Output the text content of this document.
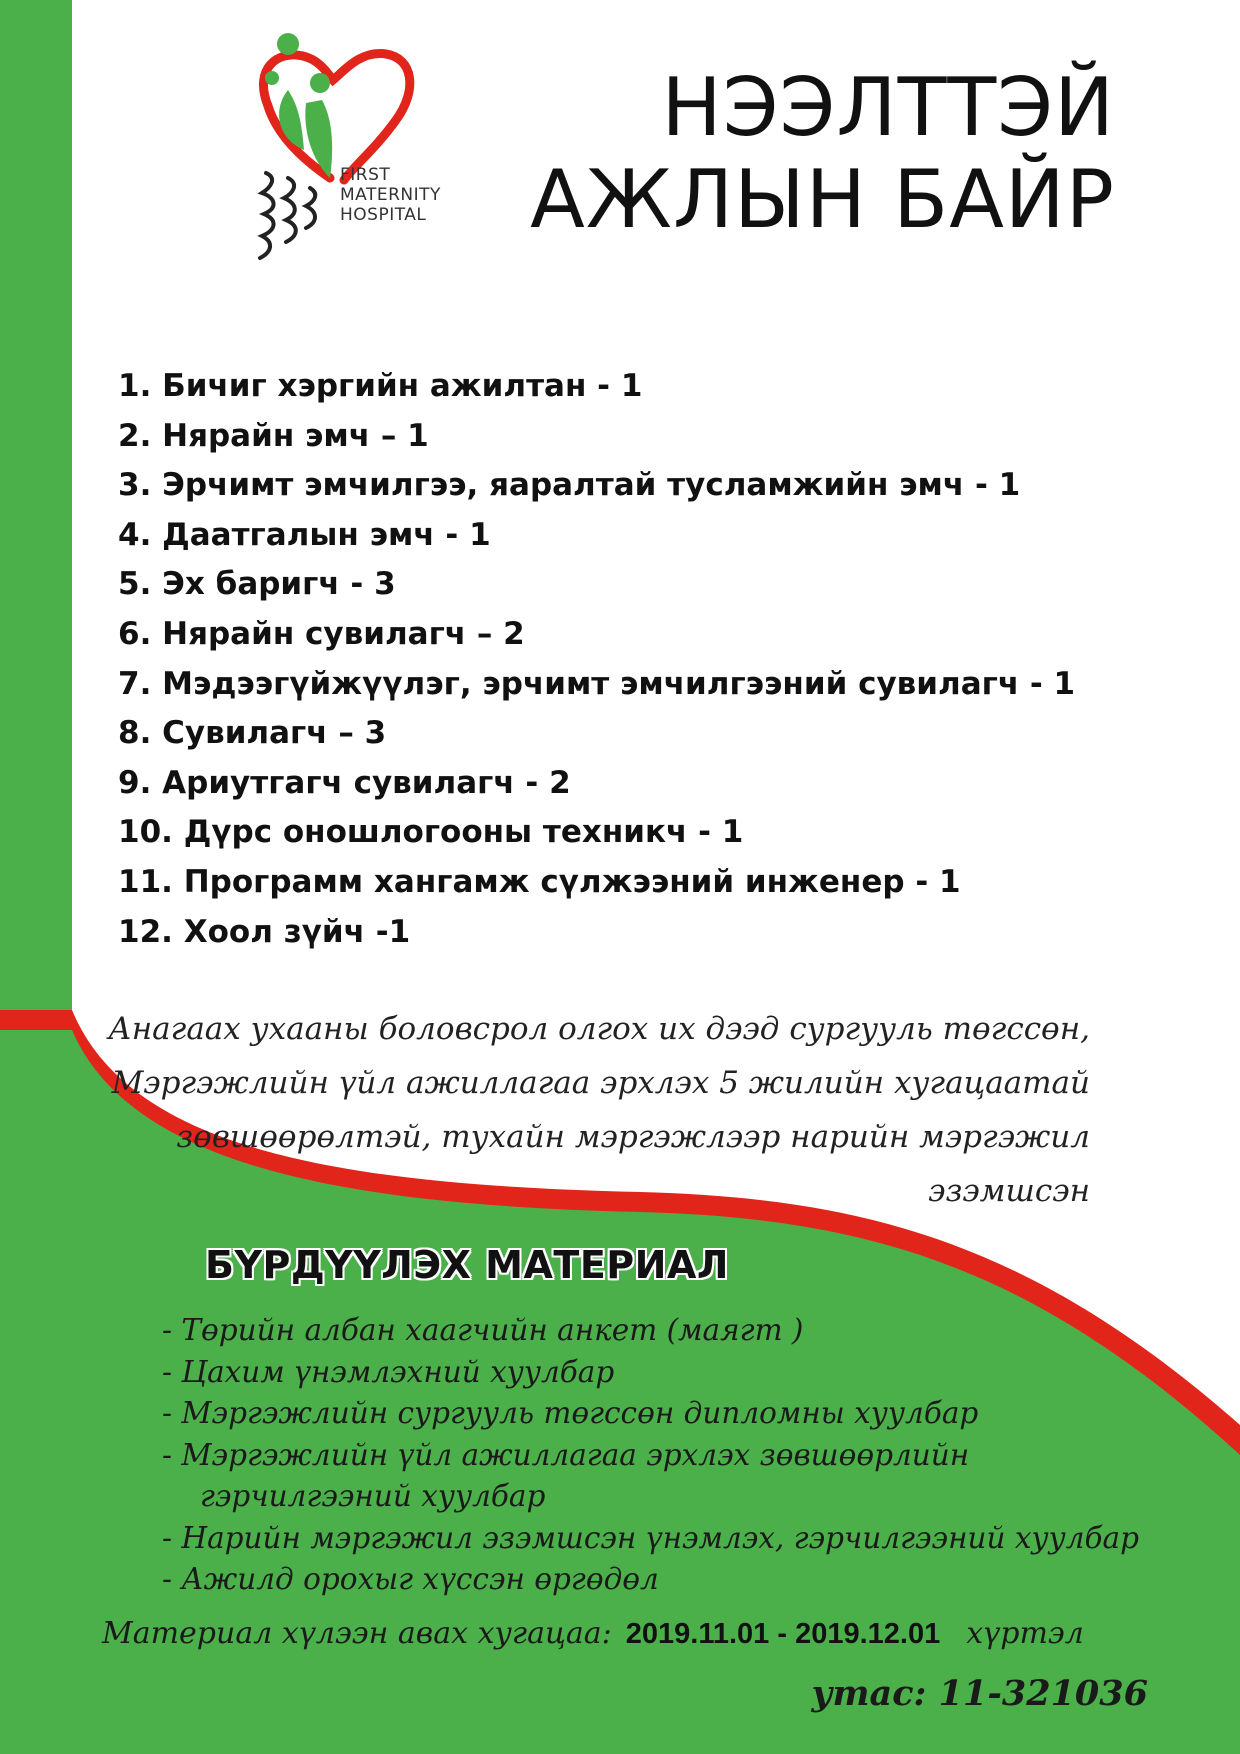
FIRST
MATERNITY
HOSPITAL
НЭЭЛТТЭЙ
АЖЛЫН БАЙР
1. Бичиг хэргийн ажилтан - 1
2. Нярайн эмч – 1
3. Эрчимт эмчилгээ, яаралтай тусламжийн эмч - 1
4. Даатгалын эмч - 1
5. Эх баригч - 3
6. Нярайн сувилагч – 2
7. Мэдээгүйжүүлэг, эрчимт эмчилгээний сувилагч - 1
8. Сувилагч – 3
9. Ариутгагч сувилагч - 2
10. Дүрс оношлогооны техникч - 1
11. Программ хангамж сүлжээний инженер - 1
12. Хоол зүйч -1
Анагаах ухааны боловсрол олгох их дээд сургууль төгссөн,
Мэргэжлийн үйл ажиллагаа эрхлэх 5 жилийн хугацаатай
зөвшөөрөлтэй, тухайн мэргэжлээр нарийн мэргэжил
эзэмшсэн
БҮРДҮҮЛЭХ МАТЕРИАЛ
- Төрийн албан хаагчийн анкет (маягт )
- Цахим үнэмлэхний хуулбар
- Мэргэжлийн сургууль төгссөн дипломны хуулбар
- Мэргэжлийн үйл ажиллагаа эрхлэх зөвшөөрлийн
гэрчилгээний хуулбар
- Нарийн мэргэжил эзэмшсэн үнэмлэх, гэрчилгээний хуулбар
- Ажилд орохыг хүссэн өргөдөл
Материал хүлээн авах хугацаа: 2019.11.01 - 2019.12.01 хүртэл
утас: 11-321036
